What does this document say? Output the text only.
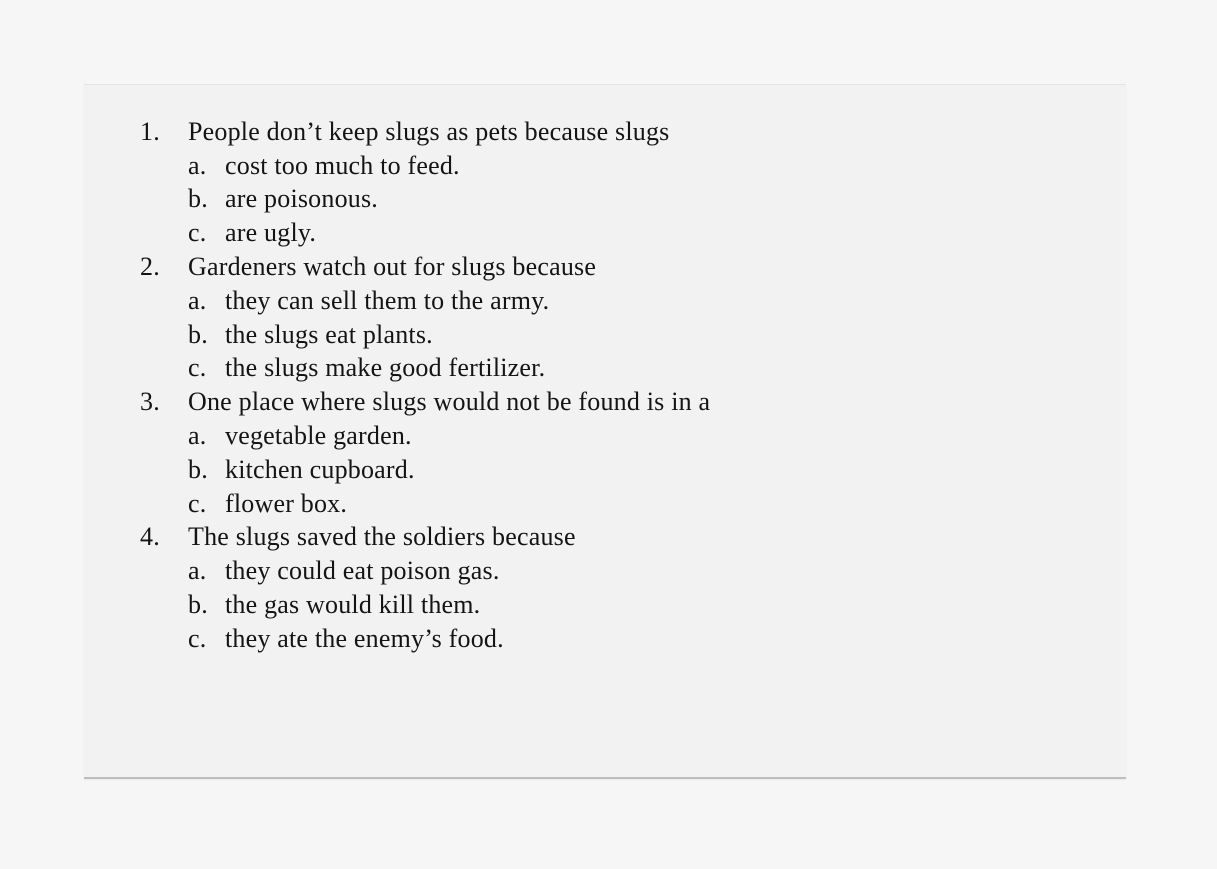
1.	People don’t keep slugs as pets because slugs
a. cost too much to feed.
b. are poisonous.
c. are ugly.
2.	Gardeners watch out for slugs because
a. they can sell them to the army.
b. the slugs eat plants.
c. the slugs make good fertilizer.
3.	One place where slugs would not be found is in a
a. vegetable garden.
b. kitchen cupboard.
c. flower box.
4.	The slugs saved the soldiers because
a. they could eat poison gas.
b. the gas would kill them.
c. they ate the enemy’s food.
